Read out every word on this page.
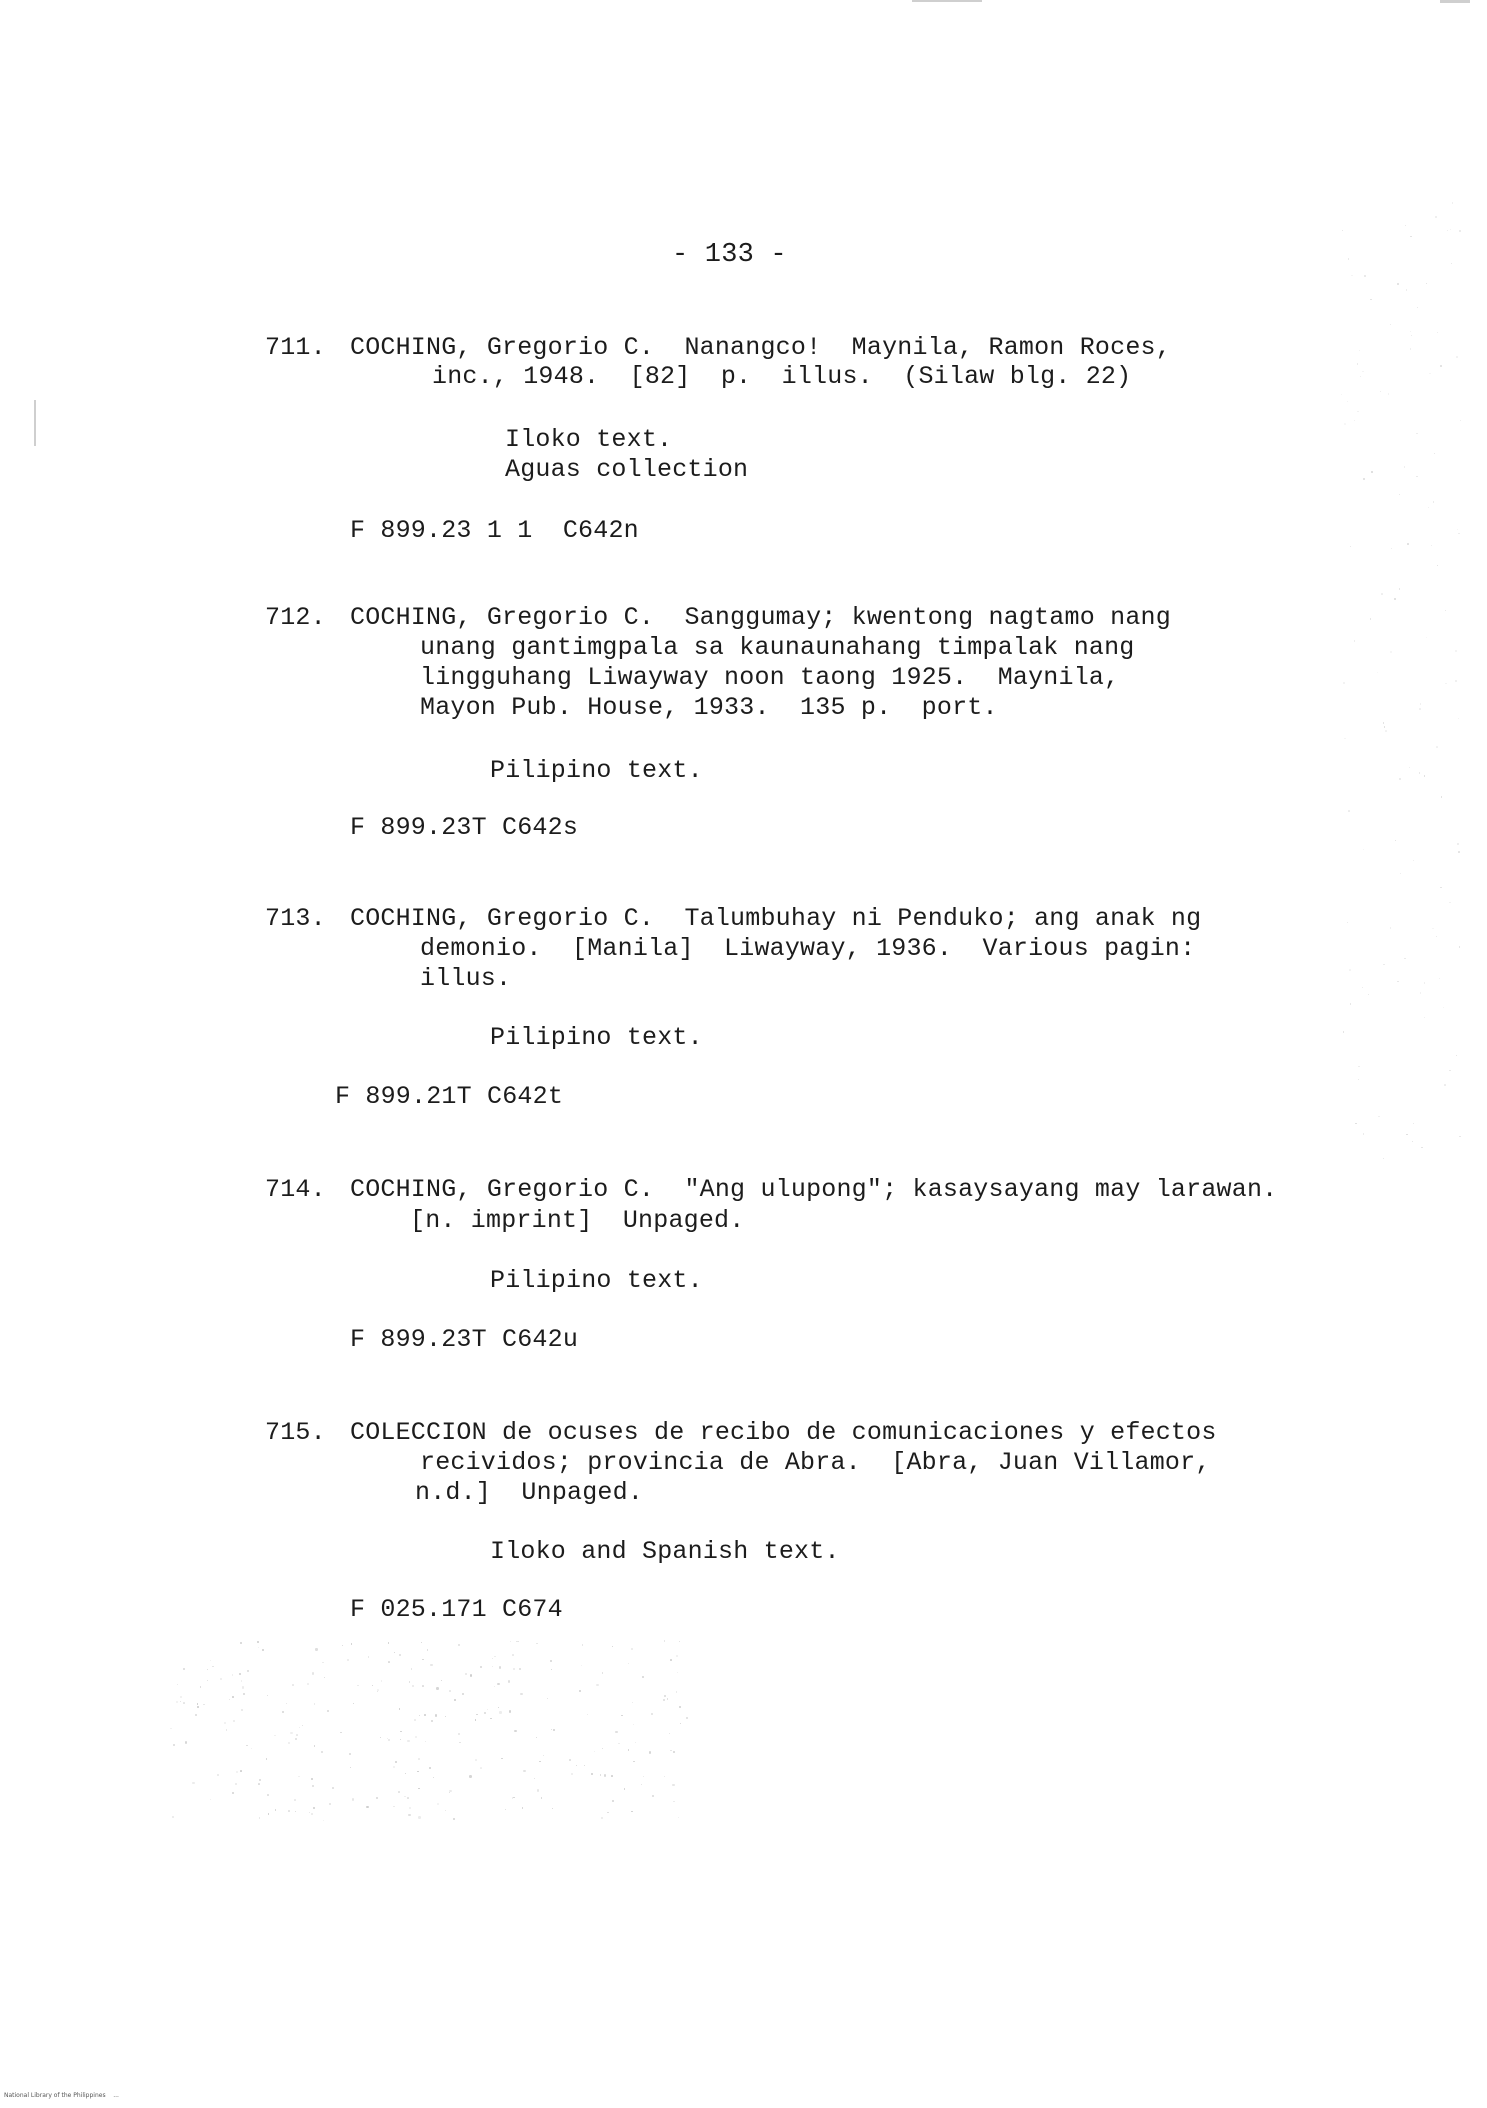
- 133 -
711. COCHING, Gregorio C.  Nanangco!  Maynila, Ramon Roces,
inc., 1948.  [82]  p.  illus.  (Silaw blg. 22)
Iloko text.
Aguas collection
F 899.23 1 1  C642n
712. COCHING, Gregorio C.  Sanggumay; kwentong nagtamo nang
unang gantimgpala sa kaunaunahang timpalak nang
lingguhang Liwayway noon taong 1925.  Maynila,
Mayon Pub. House, 1933.  135 p.  port.
Pilipino text.
F 899.23T C642s
713. COCHING, Gregorio C.  Talumbuhay ni Penduko; ang anak ng
demonio.  [Manila]  Liwayway, 1936.  Various pagin:
illus.
Pilipino text.
F 899.21T C642t
714. COCHING, Gregorio C.  "Ang ulupong"; kasaysayang may larawan.
[n. imprint]  Unpaged.
Pilipino text.
F 899.23T C642u
715. COLECCION de ocuses de recibo de comunicaciones y efectos
recividos; provincia de Abra.  [Abra, Juan Villamor,
n.d.]  Unpaged.
Iloko and Spanish text.
F 025.171 C674
National Library of the Philippines    ...
